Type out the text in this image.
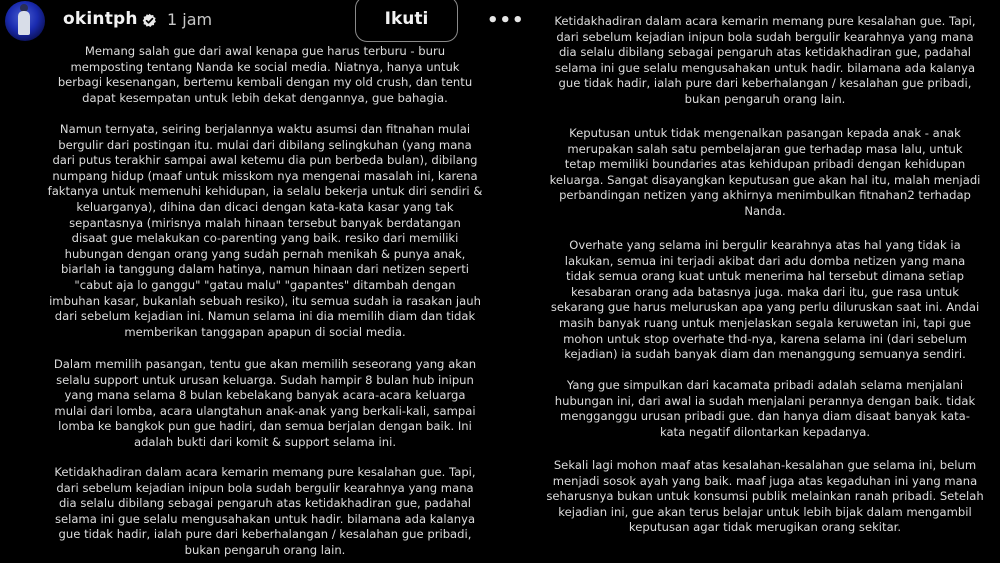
okintph 1 jam	Ikuti	•••
Memang salah gue dari awal kenapa gue harus terburu - buru
memposting tentang Nanda ke social media. Niatnya, hanya untuk
berbagi kesenangan, bertemu kembali dengan my old crush, dan tentu
dapat kesempatan untuk lebih dekat dengannya, gue bahagia.
Namun ternyata, seiring berjalannya waktu asumsi dan fitnahan mulai
bergulir dari postingan itu. mulai dari dibilang selingkuhan (yang mana
dari putus terakhir sampai awal ketemu dia pun berbeda bulan), dibilang
numpang hidup (maaf untuk misskom nya mengenai masalah ini, karena
faktanya untuk memenuhi kehidupan, ia selalu bekerja untuk diri sendiri &
keluarganya), dihina dan dicaci dengan kata-kata kasar yang tak
sepantasnya (mirisnya malah hinaan tersebut banyak berdatangan
disaat gue melakukan co-parenting yang baik. resiko dari memiliki
hubungan dengan orang yang sudah pernah menikah & punya anak,
biarlah ia tanggung dalam hatinya, namun hinaan dari netizen seperti
"cabut aja lo ganggu" "gatau malu" "gapantes" ditambah dengan
imbuhan kasar, bukanlah sebuah resiko), itu semua sudah ia rasakan jauh
dari sebelum kejadian ini. Namun selama ini dia memilih diam dan tidak
memberikan tanggapan apapun di social media.
Dalam memilih pasangan, tentu gue akan memilih seseorang yang akan
selalu support untuk urusan keluarga. Sudah hampir 8 bulan hub inipun
yang mana selama 8 bulan kebelakang banyak acara-acara keluarga
mulai dari lomba, acara ulangtahun anak-anak yang berkali-kali, sampai
lomba ke bangkok pun gue hadiri, dan semua berjalan dengan baik. Ini
adalah bukti dari komit & support selama ini.
Ketidakhadiran dalam acara kemarin memang pure kesalahan gue. Tapi,
dari sebelum kejadian inipun bola sudah bergulir kearahnya yang mana
dia selalu dibilang sebagai pengaruh atas ketidakhadiran gue, padahal
selama ini gue selalu mengusahakan untuk hadir. bilamana ada kalanya
gue tidak hadir, ialah pure dari keberhalangan / kesalahan gue pribadi,
bukan pengaruh orang lain.
Ketidakhadiran dalam acara kemarin memang pure kesalahan gue. Tapi,
dari sebelum kejadian inipun bola sudah bergulir kearahnya yang mana
dia selalu dibilang sebagai pengaruh atas ketidakhadiran gue, padahal
selama ini gue selalu mengusahakan untuk hadir. bilamana ada kalanya
gue tidak hadir, ialah pure dari keberhalangan / kesalahan gue pribadi,
bukan pengaruh orang lain.
Keputusan untuk tidak mengenalkan pasangan kepada anak - anak
merupakan salah satu pembelajaran gue terhadap masa lalu, untuk
tetap memiliki boundaries atas kehidupan pribadi dengan kehidupan
keluarga. Sangat disayangkan keputusan gue akan hal itu, malah menjadi
perbandingan netizen yang akhirnya menimbulkan fitnahan2 terhadap
Nanda.
Overhate yang selama ini bergulir kearahnya atas hal yang tidak ia
lakukan, semua ini terjadi akibat dari adu domba netizen yang mana
tidak semua orang kuat untuk menerima hal tersebut dimana setiap
kesabaran orang ada batasnya juga. maka dari itu, gue rasa untuk
sekarang gue harus meluruskan apa yang perlu diluruskan saat ini. Andai
masih banyak ruang untuk menjelaskan segala keruwetan ini, tapi gue
mohon untuk stop overhate thd-nya, karena selama ini (dari sebelum
kejadian) ia sudah banyak diam dan menanggung semuanya sendiri.
Yang gue simpulkan dari kacamata pribadi adalah selama menjalani
hubungan ini, dari awal ia sudah menjalani perannya dengan baik. tidak
mengganggu urusan pribadi gue. dan hanya diam disaat banyak kata-
kata negatif dilontarkan kepadanya.
Sekali lagi mohon maaf atas kesalahan-kesalahan gue selama ini, belum
menjadi sosok ayah yang baik. maaf juga atas kegaduhan ini yang mana
seharusnya bukan untuk konsumsi publik melainkan ranah pribadi. Setelah
kejadian ini, gue akan terus belajar untuk lebih bijak dalam mengambil
keputusan agar tidak merugikan orang sekitar.
